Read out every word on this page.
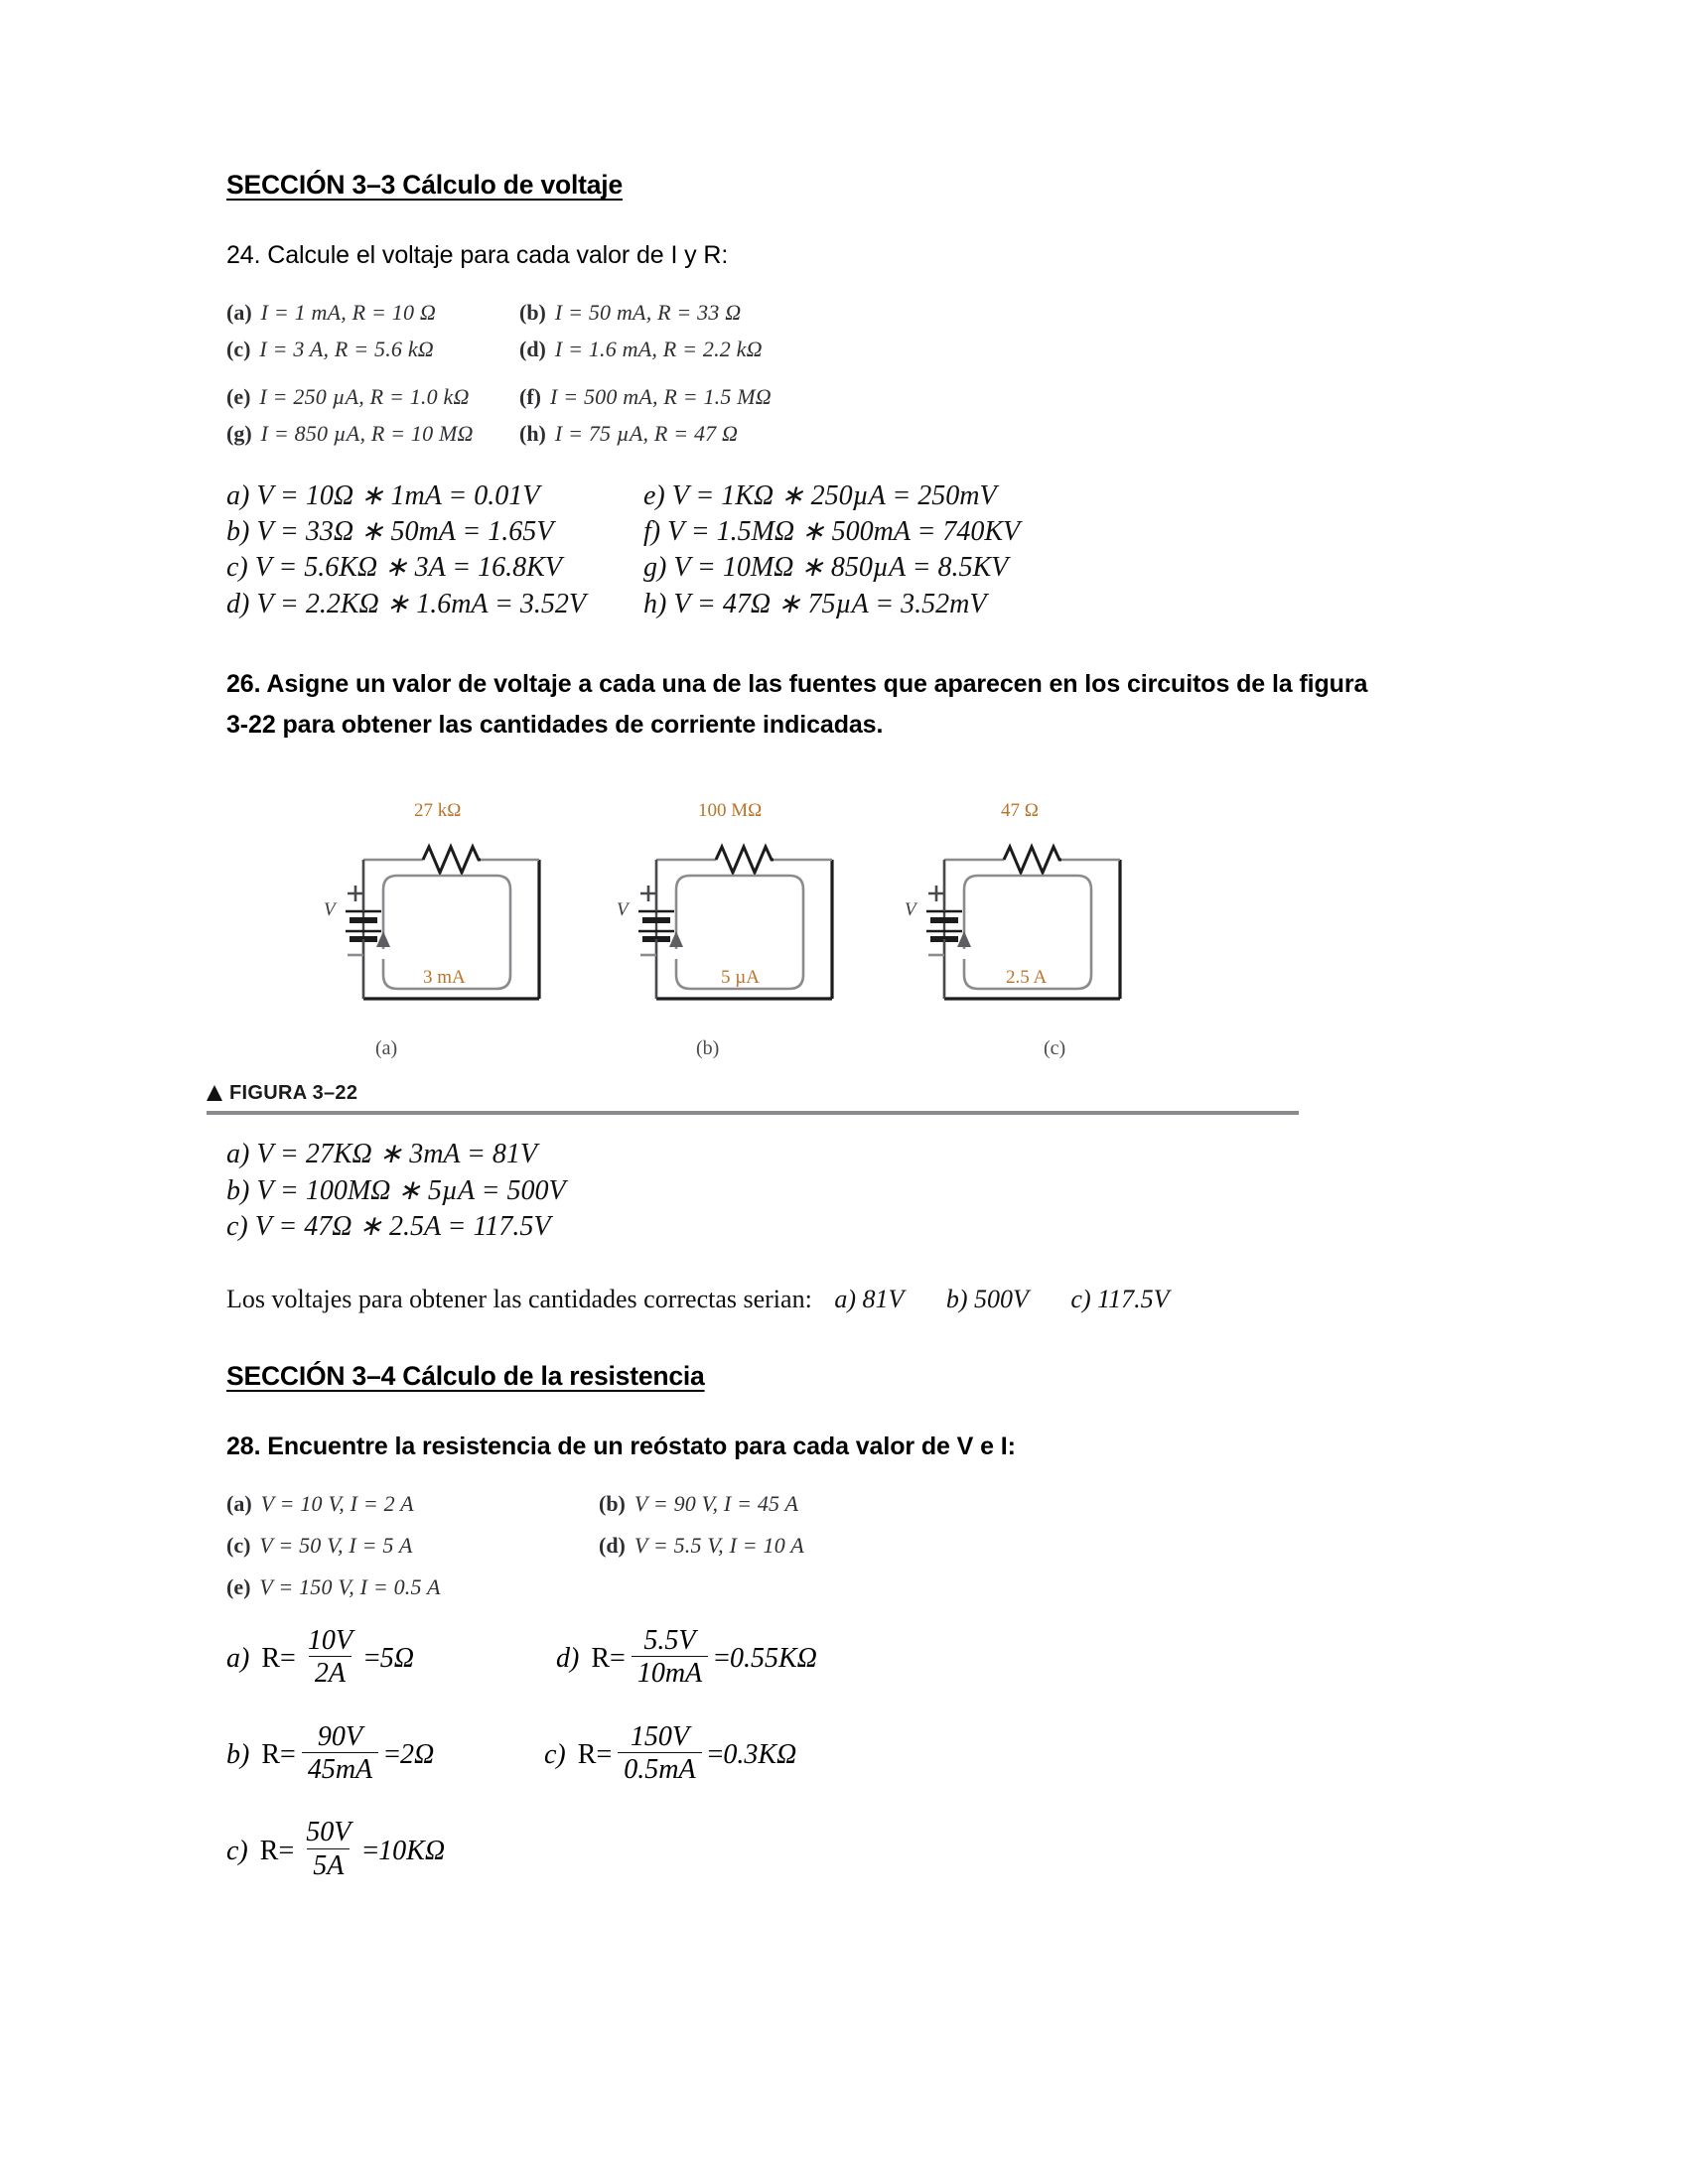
SECCIÓN 3–3 Cálculo de voltaje

24. Calcule el voltaje para cada valor de I y R:

(a) I = 1 mA, R = 10 Ω	(b) I = 50 mA, R = 33 Ω
(c) I = 3 A, R = 5.6 kΩ	(d) I = 1.6 mA, R = 2.2 kΩ
(e) I = 250 µA, R = 1.0 kΩ (f) I = 500 mA, R = 1.5 MΩ
(g) I = 850 µA, R = 10 MΩ (h) I = 75 µA, R = 47 Ω
a) V = 10Ω ∗ 1mA = 0.01V
b) V = 33Ω ∗ 50mA = 1.65V
c) V = 5.6KΩ ∗ 3A = 16.8KV
d) V = 2.2KΩ ∗ 1.6mA = 3.52V
e) V = 1KΩ ∗ 250µA = 250mV
f) V = 1.5MΩ ∗ 500mA = 740KV
g) V = 10MΩ ∗ 850µA = 8.5KV
h) V = 47Ω ∗ 75µA = 3.52mV

26. Asigne un valor de voltaje a cada una de las fuentes que aparecen en los circuitos de la figura

3-22 para obtener las cantidades de corriente indicadas.

27 kΩ
V
3 mA
100 MΩ
V
5 µA
47 Ω
V
2.5 A
(a)	(b)	(c)
FIGURA 3–22
a) V = 27KΩ ∗ 3mA = 81V
b) V = 100MΩ ∗ 5µA = 500V
c) V = 47Ω ∗ 2.5A = 117.5V
Los voltajes para obtener las cantidades correctas serian: a) 81V b) 500V c) 117.5V
SECCIÓN 3–4 Cálculo de la resistencia

28. Encuentre la resistencia de un reóstato para cada valor de V e I:

(a) V = 10 V, I = 2 A	(b) V = 90 V, I = 45 A
(c) V = 50 V, I = 5 A	(d) V = 5.5 V, I = 10 A
(e) V = 150 V, I = 0.5 A
a) $R = \frac{10V}{2A} = 5\Omega$	d) $R = \frac{5.5V}{10mA} = 0.55K\Omega$
b) $R = \frac{90V}{45mA} = 2\Omega$	c) $R = \frac{150V}{0.5mA} = 0.3K\Omega$
c) $R = \frac{50V}{5A} = 10K\Omega$
